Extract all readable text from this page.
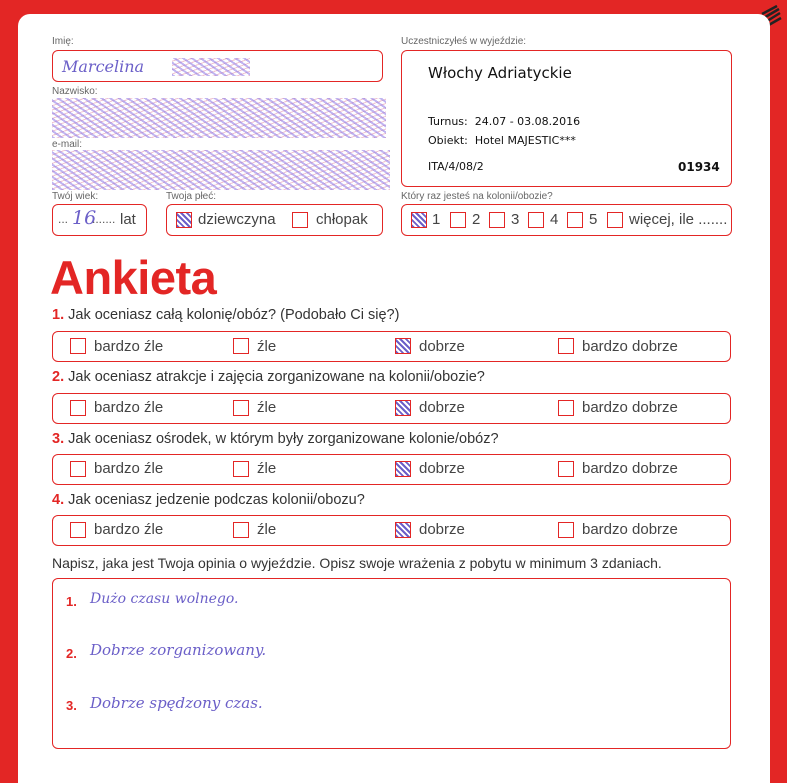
Imię:
Marcelina
Nazwisko:
e-mail:
Twój wiek:
... 16
....... lat
Twoja płeć:
dziewczyna	chłopak
Uczestniczyłeś w wyjeździe:
Włochy Adriatyckie
Turnus:  24.07 - 03.08.2016
Obiekt:  Hotel MAJESTIC***
ITA/4/08/2	01934
Który raz jesteś na kolonii/obozie?
1 2 3 4 5 więcej, ile .......
Ankieta
1. Jak oceniasz całą kolonię/obóz? (Podobało Ci się?)
bardzo źle	źle	dobrze	bardzo dobrze
2. Jak oceniasz atrakcje i zajęcia zorganizowane na kolonii/obozie?
bardzo źle	źle	dobrze	bardzo dobrze
3. Jak oceniasz ośrodek, w którym były zorganizowane kolonie/obóz?
bardzo źle	źle	dobrze	bardzo dobrze
4. Jak oceniasz jedzenie podczas kolonii/obozu?
bardzo źle	źle	dobrze	bardzo dobrze
Napisz, jaka jest Twoja opinia o wyjeździe. Opisz swoje wrażenia z pobytu w minimum 3 zdaniach.
1. Dużo czasu wolnego.
2. Dobrze zorganizowany.
3. Dobrze spędzony czas.
